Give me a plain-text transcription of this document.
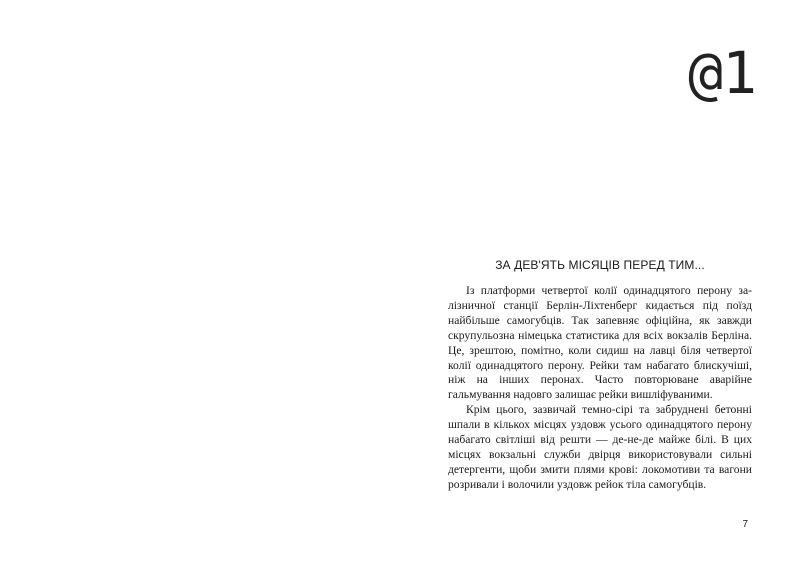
@1
ЗА ДЕВ'ЯТЬ МІСЯЦІВ ПЕРЕД ТИМ...

Із платформи четвертої колії одинадцятого перону залізничної станції Берлін-Ліхтенберг кидається під поїзд найбільше самогубців. Так запевняє офіційна, як завжди скрупульозна німецька статистика для всіх вокзалів Берліна. Це, зрештою, помітно, коли сидиш на лавці біля четвертої колії одинадцятого перону. Рейки там набагато блискучіші, ніж на інших перонах. Часто повторюване аварійне гальмування надовго залишає рейки вишліфуваними.

Крім цього, зазвичай темно-сірі та забруднені бетонні шпали в кількох місцях уздовж усього одинадцятого перону набагато світліші від решти — де-не-де майже білі. В цих місцях вокзальні служби двірця використовували сильні детергенти, щоби змити плями крові: локомотиви та вагони розривали і волочили уздовж рейок тіла самогубців.

7
